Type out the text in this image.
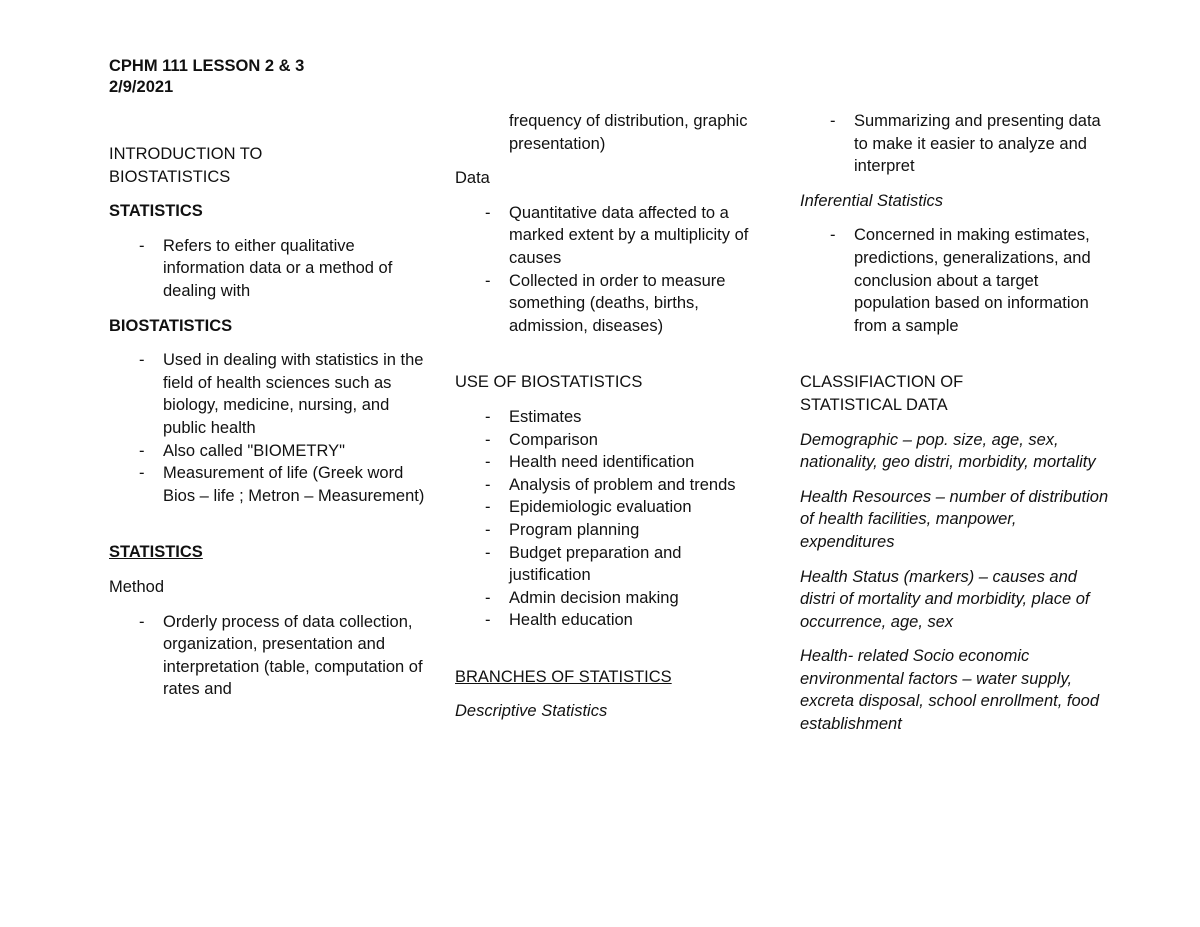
CPHM 111 LESSON 2 & 3
2/9/2021

INTRODUCTION TO
BIOSTATISTICS

STATISTICS

- Refers to either qualitative information data or a method of dealing with

BIOSTATISTICS

- Used in dealing with statistics in the field of health sciences such as biology, medicine, nursing, and public health
- Also called "BIOMETRY"
- Measurement of life (Greek word Bios – life ; Metron – Measurement)

STATISTICS

Method

- Orderly process of data collection, organization, presentation and interpretation (table, computation of rates and
frequency of distribution, graphic presentation)

Data

- Quantitative data affected to a marked extent by a multiplicity of causes
- Collected in order to measure something (deaths, births, admission, diseases)

USE OF BIOSTATISTICS

- Estimates
- Comparison
- Health need identification
- Analysis of problem and trends
- Epidemiologic evaluation
- Program planning
- Budget preparation and justification
- Admin decision making
- Health education

BRANCHES OF STATISTICS

Descriptive Statistics

- Summarizing and presenting data to make it easier to analyze and interpret

Inferential Statistics

- Concerned in making estimates, predictions, generalizations, and conclusion about a target population based on information from a sample

CLASSIFIACTION OF
STATISTICAL DATA

Demographic – pop. size, age, sex, nationality, geo distri, morbidity, mortality

Health Resources – number of distribution of health facilities, manpower, expenditures

Health Status (markers) – causes and distri of mortality and morbidity, place of occurrence, age, sex

Health- related Socio economic environmental factors – water supply, excreta disposal, school enrollment, food establishment
